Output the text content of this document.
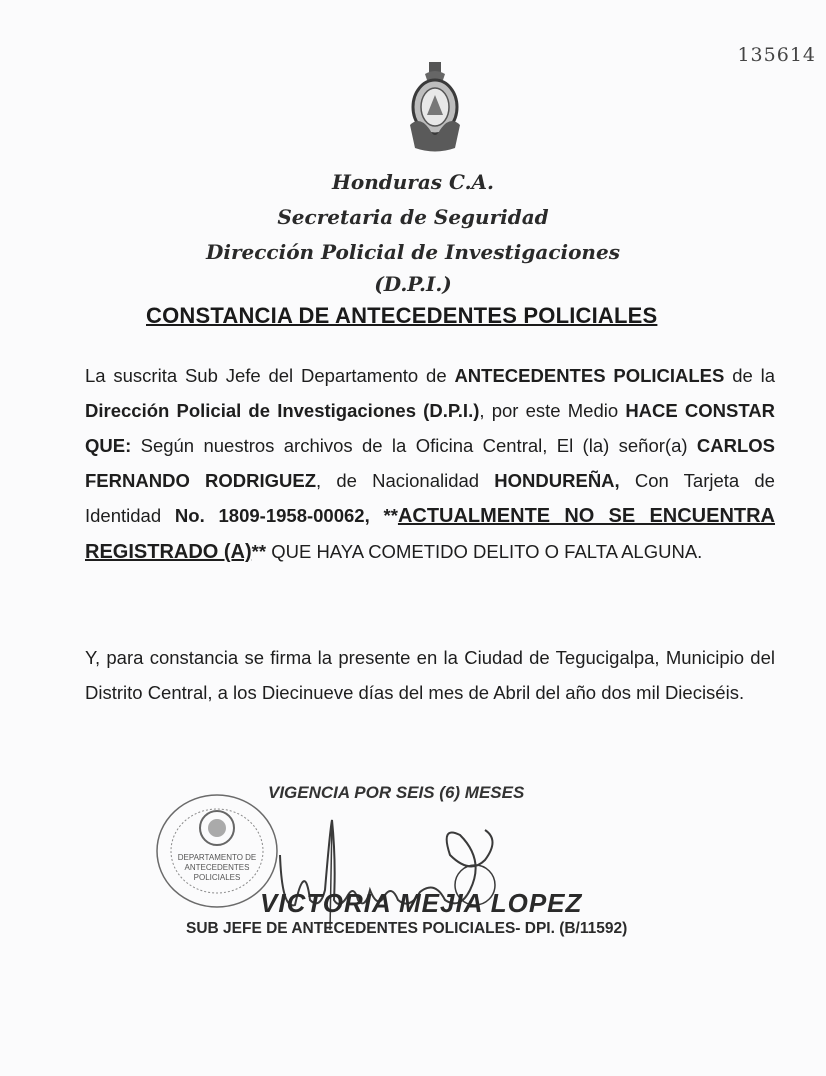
135614
Honduras C.A.
Secretaria de Seguridad
Dirección Policial de Investigaciones
(D.P.I.)
CONSTANCIA DE ANTECEDENTES POLICIALES
La suscrita Sub Jefe del Departamento de ANTECEDENTES POLICIALES de la Dirección Policial de Investigaciones (D.P.I.), por este Medio HACE CONSTAR QUE: Según nuestros archivos de la Oficina Central, El (la) señor(a) CARLOS FERNANDO RODRIGUEZ, de Nacionalidad HONDUREÑA, Con Tarjeta de Identidad No. 1809-1958-00062, **ACTUALMENTE NO SE ENCUENTRA REGISTRADO (A)** QUE HAYA COMETIDO DELITO O FALTA ALGUNA.
Y, para constancia se firma la presente en la Ciudad de Tegucigalpa, Municipio del Distrito Central, a los Diecinueve días del mes de Abril del año dos mil Dieciséis.
VIGENCIA POR SEIS (6) MESES
DEPARTAMENTO DE
ANTECEDENTES
POLICIALES
VICTORIA MEJIA LOPEZ
SUB JEFE DE ANTECEDENTES POLICIALES- DPI. (B/11592)
